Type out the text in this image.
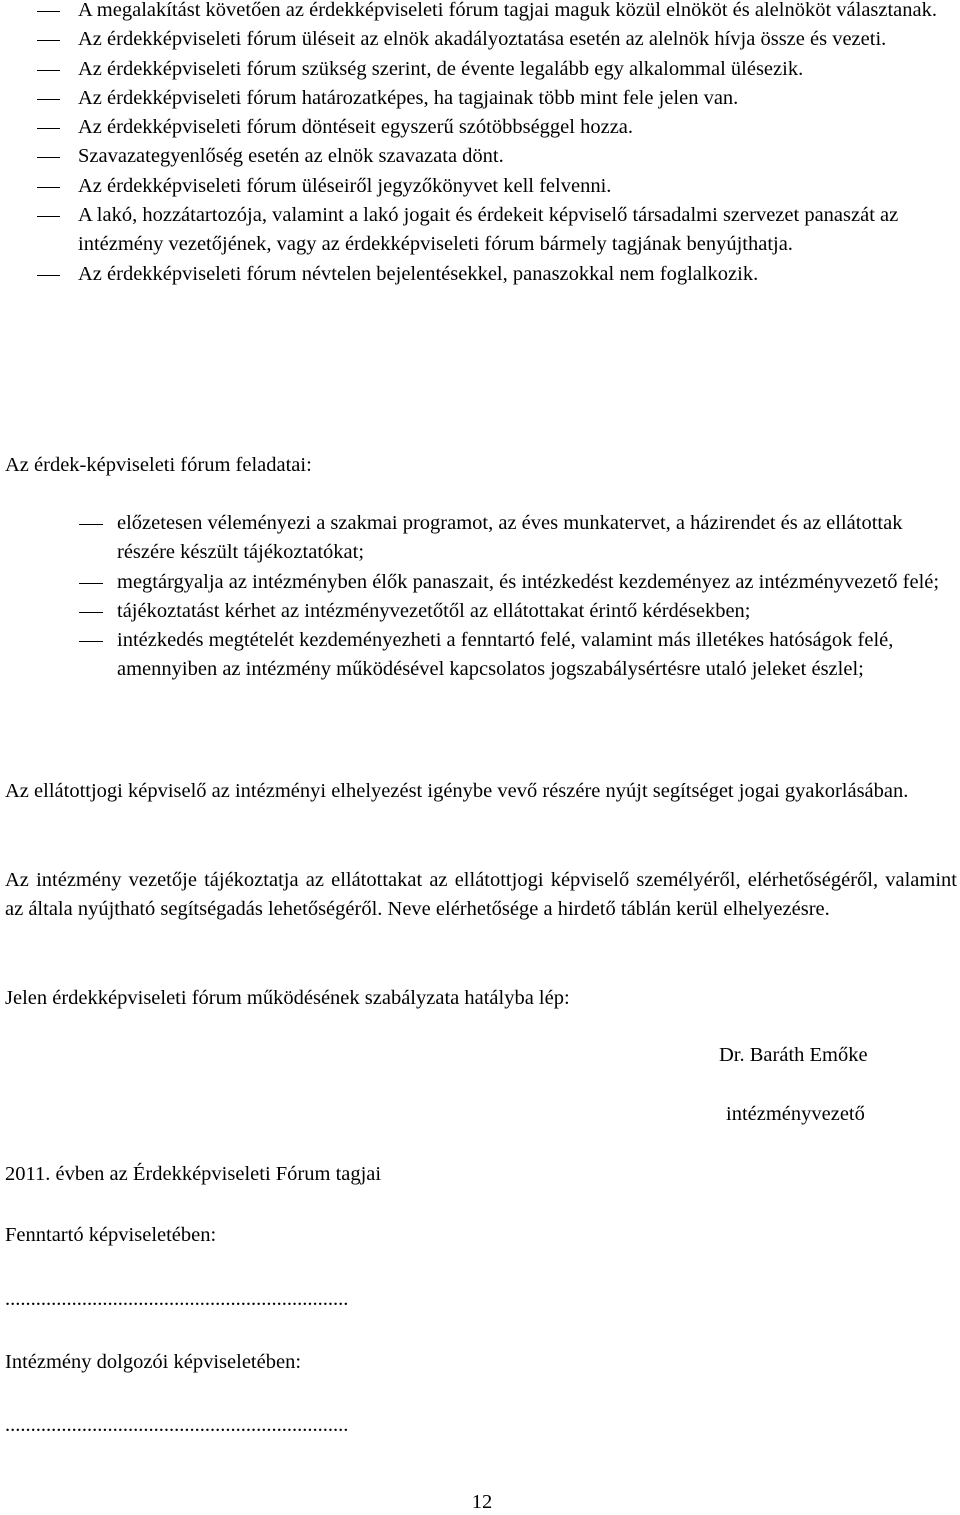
A megalakítást követően az érdekképviseleti fórum tagjai maguk közül elnököt és alelnököt választanak.
Az érdekképviseleti fórum üléseit az elnök akadályoztatása esetén az alelnök hívja össze és vezeti.
Az érdekképviseleti fórum szükség szerint, de évente legalább egy alkalommal ülésezik.
Az érdekképviseleti fórum határozatképes, ha tagjainak több mint fele jelen van.
Az érdekképviseleti fórum döntéseit egyszerű szótöbbséggel hozza.
Szavazategyenlőség esetén az elnök szavazata dönt.
Az érdekképviseleti fórum üléseiről jegyzőkönyvet kell felvenni.
A lakó, hozzátartozója, valamint a lakó jogait és érdekeit képviselő társadalmi szervezet panaszát az intézmény vezetőjének, vagy az érdekképviseleti fórum bármely tagjának benyújthatja.
Az érdekképviseleti fórum névtelen bejelentésekkel, panaszokkal nem foglalkozik.

Az érdek-képviseleti fórum feladatai:

előzetesen véleményezi a szakmai programot, az éves munkatervet, a házirendet és az ellátottak részére készült tájékoztatókat;
megtárgyalja az intézményben élők panaszait, és intézkedést kezdeményez az intézményvezető felé;
tájékoztatást kérhet az intézményvezetőtől az ellátottakat érintő kérdésekben;
intézkedés megtételét kezdeményezheti a fenntartó felé, valamint más illetékes hatóságok felé, amennyiben az intézmény működésével kapcsolatos jogszabálysértésre utaló jeleket észlel;

Az ellátottjogi képviselő az intézményi elhelyezést igénybe vevő részére nyújt segítséget jogai gyakorlásában.

Az intézmény vezetője tájékoztatja az ellátottakat az ellátottjogi képviselő személyéről, elérhetőségéről, valamint az általa nyújtható segítségadás lehetőségéről. Neve elérhetősége a hirdető táblán kerül elhelyezésre.

Jelen érdekképviseleti fórum működésének szabályzata hatályba lép:

Dr. Baráth Emőke

intézményvezető

2011. évben az Érdekképviseleti Fórum tagjai

Fenntartó képviseletében:

...................................................................

Intézmény dolgozói képviseletében:

...................................................................

12
